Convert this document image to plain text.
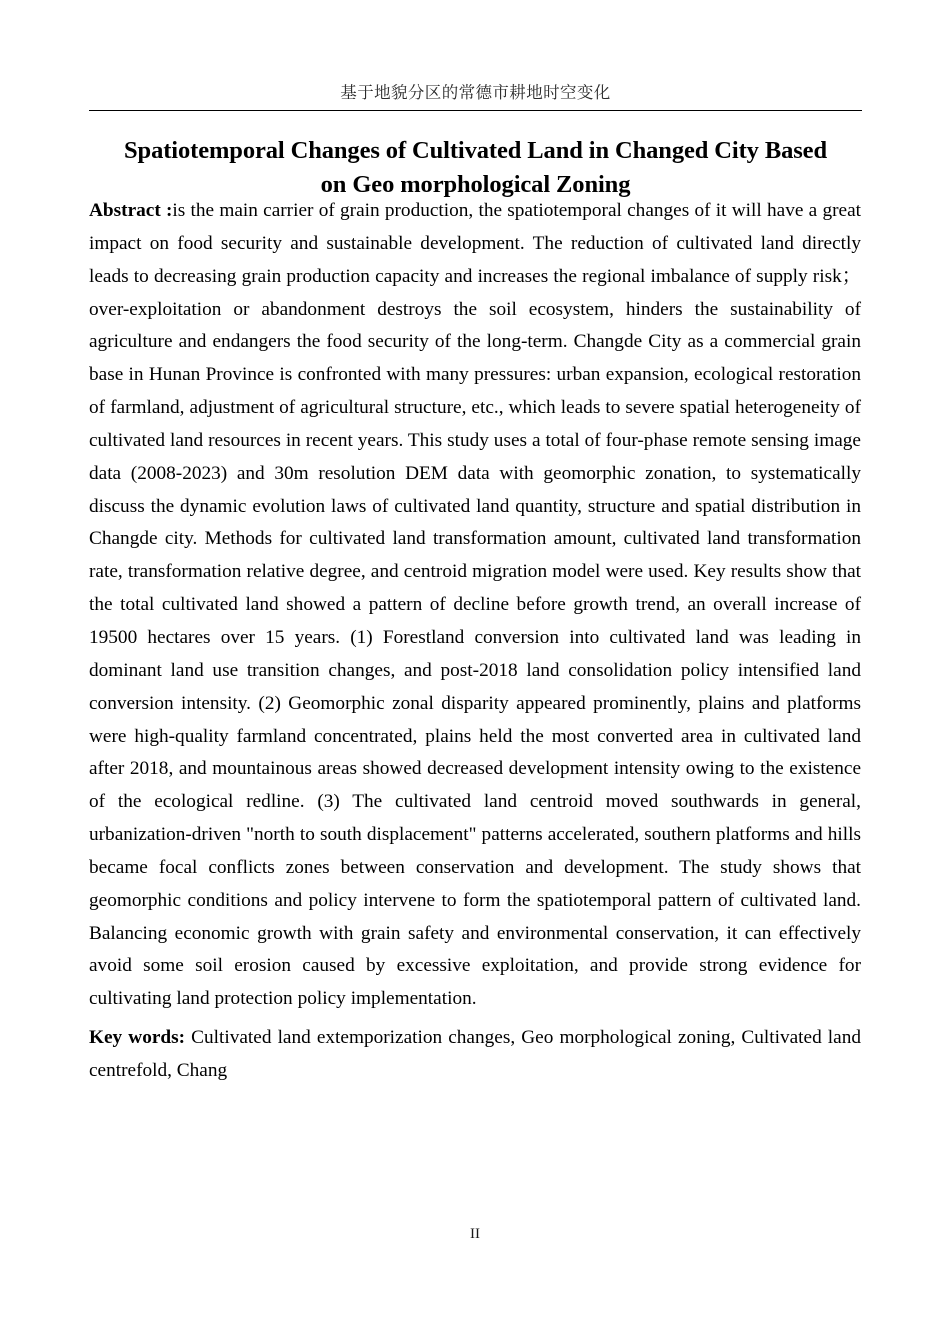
基于地貌分区的常德市耕地时空变化
Spatiotemporal Changes of Cultivated Land in Changed City Based
on Geo morphological Zoning

Abstract :is the main carrier of grain production, the spatiotemporal changes of it will have a great impact on food security and sustainable development. The reduction of cultivated land directly leads to decreasing grain production capacity and increases the regional imbalance of supply risk；over-exploitation or abandonment destroys the soil ecosystem, hinders the sustainability of agriculture and endangers the food security of the long-term. Changde City as a commercial grain base in Hunan Province is confronted with many pressures: urban expansion, ecological restoration of farmland, adjustment of agricultural structure, etc., which leads to severe spatial heterogeneity of cultivated land resources in recent years. This study uses a total of four-phase remote sensing image data (2008-2023) and 30m resolution DEM data with geomorphic zonation, to systematically discuss the dynamic evolution laws of cultivated land quantity, structure and spatial distribution in Changde city. Methods for cultivated land transformation amount, cultivated land transformation rate, transformation relative degree, and centroid migration model were used. Key results show that the total cultivated land showed a pattern of decline before growth trend, an overall increase of 19500 hectares over 15 years. (1) Forestland conversion into cultivated land was leading in dominant land use transition changes, and post-2018 land consolidation policy intensified land conversion intensity. (2) Geomorphic zonal disparity appeared prominently, plains and platforms were high-quality farmland concentrated, plains held the most converted area in cultivated land after 2018, and mountainous areas showed decreased development intensity owing to the existence of the ecological redline. (3) The cultivated land centroid moved southwards in general, urbanization-driven "north to south displacement" patterns accelerated, southern platforms and hills became focal conflicts zones between conservation and development. The study shows that geomorphic conditions and policy intervene to form the spatiotemporal pattern of cultivated land. Balancing economic growth with grain safety and environmental conservation, it can effectively avoid some soil erosion caused by excessive exploitation, and provide strong evidence for cultivating land protection policy implementation.

Key words: Cultivated land extemporization changes, Geo morphological zoning, Cultivated land centrefold, Chang

II
